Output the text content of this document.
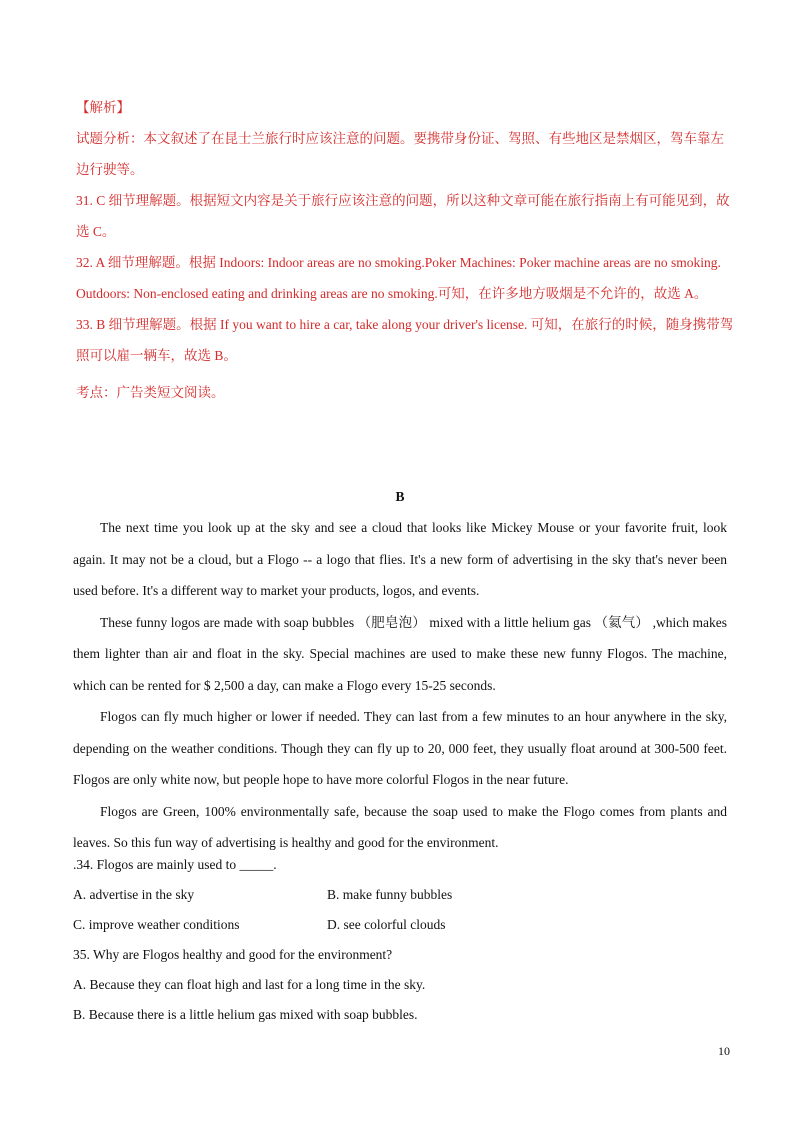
【解析】
试题分析：本文叙述了在昆士兰旅行时应该注意的问题。要携带身份证、驾照、有些地区是禁烟区，驾车靠左边行驶等。
31. C 细节理解题。根据短文内容是关于旅行应该注意的问题，所以这种文章可能在旅行指南上有可能见到，故选 C。
32. A 细节理解题。根据 Indoors: Indoor areas are no smoking.Poker Machines: Poker machine areas are no smoking. Outdoors: Non-enclosed eating and drinking areas are no smoking.可知，在许多地方吸烟是不允许的，故选 A。
33. B 细节理解题。根据 If you want to hire a car, take along your driver's license. 可知，在旅行的时候，随身携带驾照可以雇一辆车，故选 B。
考点：广告类短文阅读。
B

The next time you look up at the sky and see a cloud that looks like Mickey Mouse or your favorite fruit, look again. It may not be a cloud, but a Flogo -- a logo that flies. It's a new form of advertising in the sky that's never been used before. It's a different way to market your products, logos, and events.

These funny logos are made with soap bubbles （肥皂泡） mixed with a little helium gas （氦气） ,which makes them lighter than air and float in the sky. Special machines are used to make these new funny Flogos. The machine, which can be rented for $ 2,500 a day, can make a Flogo every 15-25 seconds.

Flogos can fly much higher or lower if needed. They can last from a few minutes to an hour anywhere in the sky, depending on the weather conditions. Though they can fly up to 20, 000 feet, they usually float around at 300-500 feet. Flogos are only white now, but people hope to have more colorful Flogos in the near future.

Flogos are Green, 100% environmentally safe, because the soap used to make the Flogo comes from plants and leaves. So this fun way of advertising is healthy and good for the environment.

.34. Flogos are mainly used to _____.
A. advertise in the sky	B. make funny bubbles
C. improve weather conditions	D. see colorful clouds
35. Why are Flogos healthy and good for the environment?
A. Because they can float high and last for a long time in the sky.
B. Because there is a little helium gas mixed with soap bubbles.
10
